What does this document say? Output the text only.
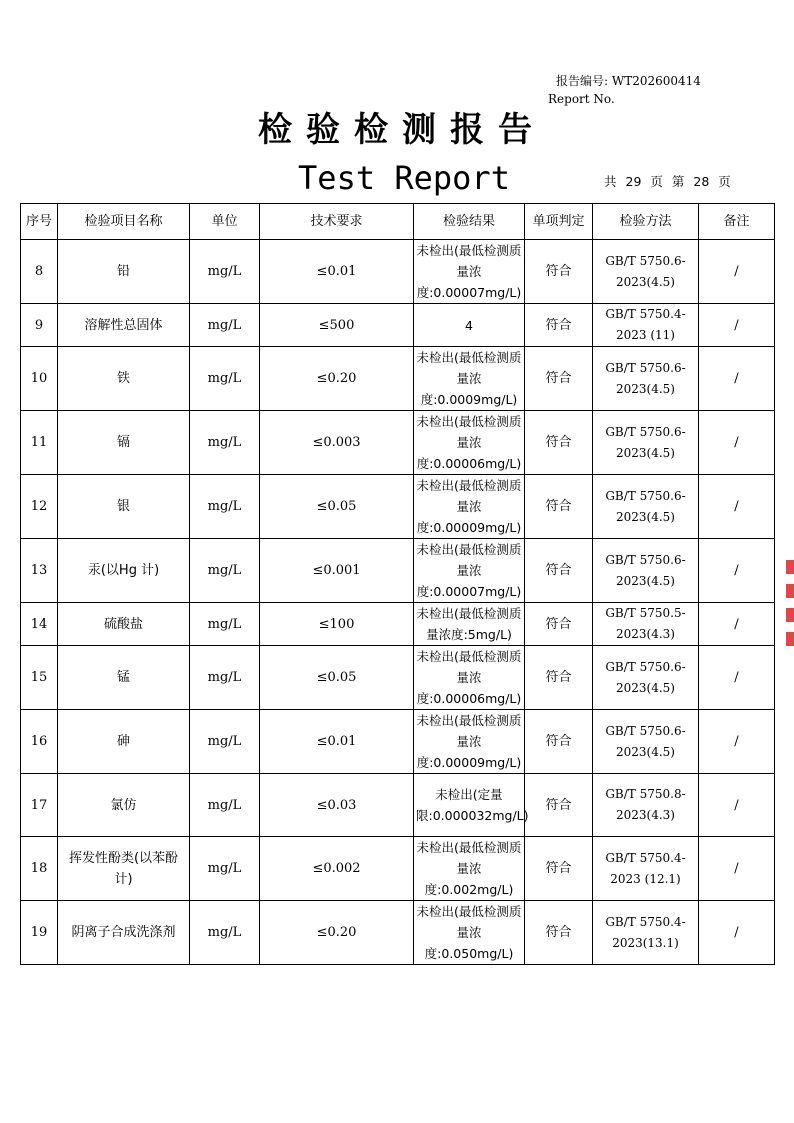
报告编号: WT202600414
Report No.
检验检测报告
Test Report	共 29 页 第 28 页
序号	检验项目名称	单位	技术要求	检验结果	单项判定	检验方法	备注
8	铅	mg/L	≤0.01	未检出(最低检测质量浓度:0.00007mg/L)	符合	GB/T 5750.6-2023(4.5)	/
9	溶解性总固体	mg/L	≤500	4	符合	GB/T 5750.4-2023 (11)	/
10	铁	mg/L	≤0.20	未检出(最低检测质量浓度:0.0009mg/L)	符合	GB/T 5750.6-2023(4.5)	/
11	镉	mg/L	≤0.003	未检出(最低检测质量浓度:0.00006mg/L)	符合	GB/T 5750.6-2023(4.5)	/
12	银	mg/L	≤0.05	未检出(最低检测质量浓度:0.00009mg/L)	符合	GB/T 5750.6-2023(4.5)	/
13	汞(以Hg 计)	mg/L	≤0.001	未检出(最低检测质量浓度:0.00007mg/L)	符合	GB/T 5750.6-2023(4.5)	/
14	硫酸盐	mg/L	≤100	未检出(最低检测质量浓度:5mg/L)	符合	GB/T 5750.5-2023(4.3)	/
15	锰	mg/L	≤0.05	未检出(最低检测质量浓度:0.00006mg/L)	符合	GB/T 5750.6-2023(4.5)	/
16	砷	mg/L	≤0.01	未检出(最低检测质量浓度:0.00009mg/L)	符合	GB/T 5750.6-2023(4.5)	/
17	氯仿	mg/L	≤0.03	未检出(定量限:0.000032mg/L)	符合	GB/T 5750.8-2023(4.3)	/
18	挥发性酚类(以苯酚计)	mg/L	≤0.002	未检出(最低检测质量浓度:0.002mg/L)	符合	GB/T 5750.4-2023 (12.1)	/
19	阴离子合成洗涤剂	mg/L	≤0.20	未检出(最低检测质量浓度:0.050mg/L)	符合	GB/T 5750.4-2023(13.1)	/
